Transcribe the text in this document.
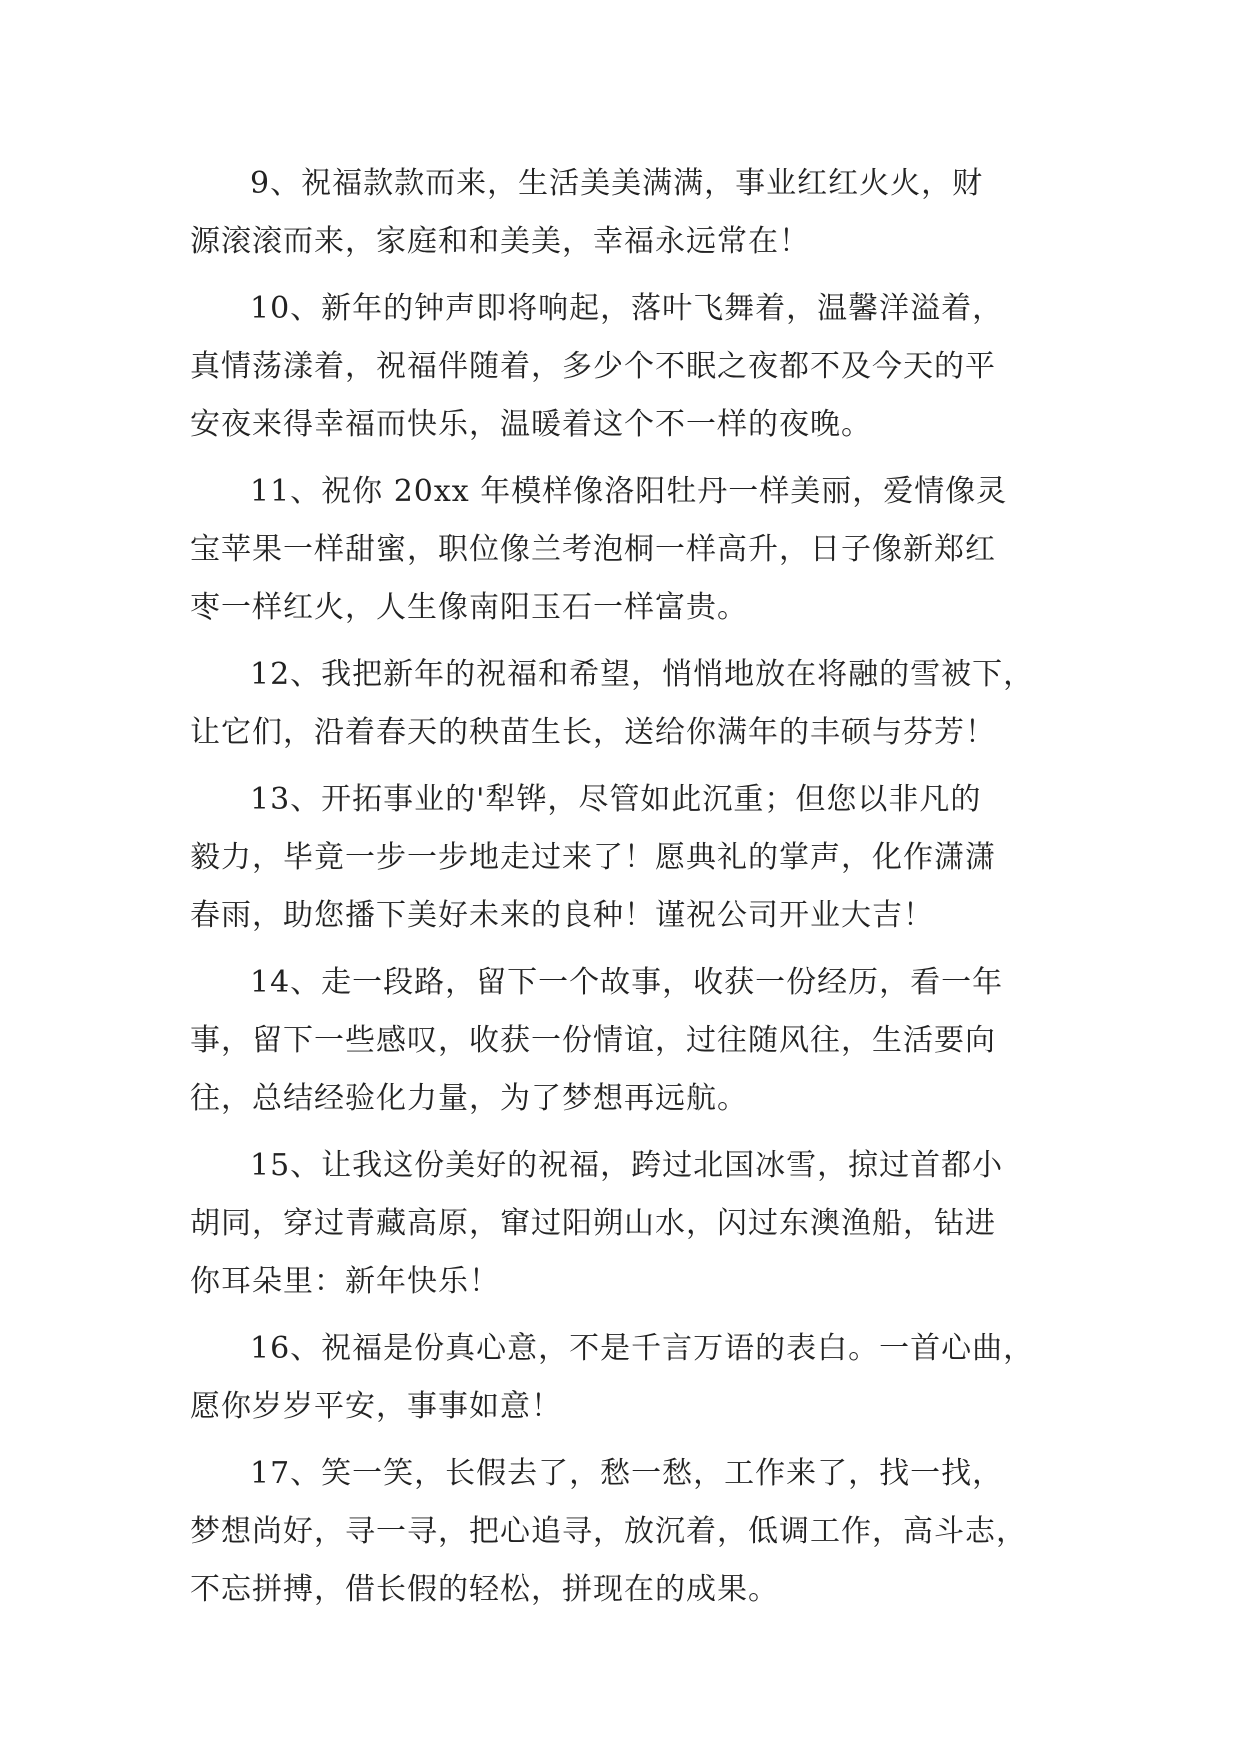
9、祝福款款而来，生活美美满满，事业红红火火，财
源滚滚而来，家庭和和美美，幸福永远常在！

10、新年的钟声即将响起，落叶飞舞着，温馨洋溢着，
真情荡漾着，祝福伴随着，多少个不眠之夜都不及今天的平
安夜来得幸福而快乐，温暖着这个不一样的夜晚。

11、祝你 20xx 年模样像洛阳牡丹一样美丽，爱情像灵
宝苹果一样甜蜜，职位像兰考泡桐一样高升，日子像新郑红
枣一样红火，人生像南阳玉石一样富贵。

12、我把新年的祝福和希望，悄悄地放在将融的雪被下，
让它们，沿着春天的秧苗生长，送给你满年的丰硕与芬芳！

13、开拓事业的'犁铧，尽管如此沉重；但您以非凡的
毅力，毕竟一步一步地走过来了！愿典礼的掌声，化作潇潇
春雨，助您播下美好未来的良种！谨祝公司开业大吉！

14、走一段路，留下一个故事，收获一份经历，看一年
事，留下一些感叹，收获一份情谊，过往随风往，生活要向
往，总结经验化力量，为了梦想再远航。

15、让我这份美好的祝福，跨过北国冰雪，掠过首都小
胡同，穿过青藏高原，窜过阳朔山水，闪过东澳渔船，钻进
你耳朵里：新年快乐！

16、祝福是份真心意，不是千言万语的表白。一首心曲，
愿你岁岁平安，事事如意！

17、笑一笑，长假去了，愁一愁，工作来了，找一找，
梦想尚好，寻一寻，把心追寻，放沉着，低调工作，高斗志，
不忘拼搏，借长假的轻松，拼现在的成果。
